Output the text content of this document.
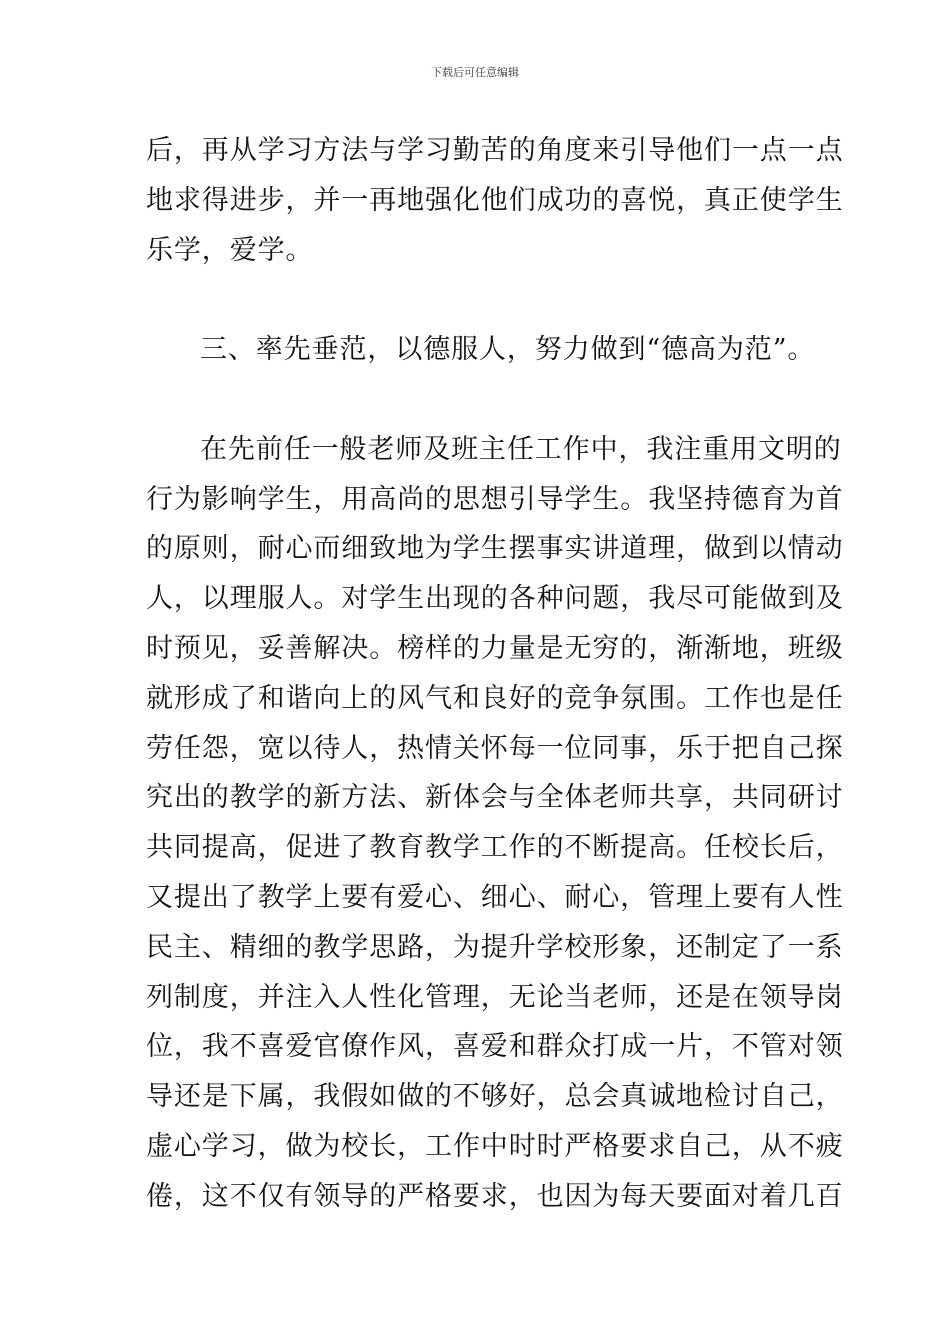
下载后可任意编辑
后，再从学习方法与学习勤苦的角度来引导他们一点一点
地求得进步，并一再地强化他们成功的喜悦，真正使学生
乐学，爱学。
三、率先垂范，以德服人，努力做到“德高为范”。
在先前任一般老师及班主任工作中，我注重用文明的
行为影响学生，用高尚的思想引导学生。我坚持德育为首
的原则，耐心而细致地为学生摆事实讲道理，做到以情动
人，以理服人。对学生出现的各种问题，我尽可能做到及
时预见，妥善解决。榜样的力量是无穷的，渐渐地，班级
就形成了和谐向上的风气和良好的竞争氛围。工作也是任
劳任怨，宽以待人，热情关怀每一位同事，乐于把自己探
究出的教学的新方法、新体会与全体老师共享，共同研讨
共同提高，促进了教育教学工作的不断提高。任校长后，
又提出了教学上要有爱心、细心、耐心，管理上要有人性
民主、精细的教学思路，为提升学校形象，还制定了一系
列制度，并注入人性化管理，无论当老师，还是在领导岗
位，我不喜爱官僚作风，喜爱和群众打成一片，不管对领
导还是下属，我假如做的不够好，总会真诚地检讨自己，
虚心学习，做为校长，工作中时时严格要求自己，从不疲
倦，这不仅有领导的严格要求，也因为每天要面对着几百
